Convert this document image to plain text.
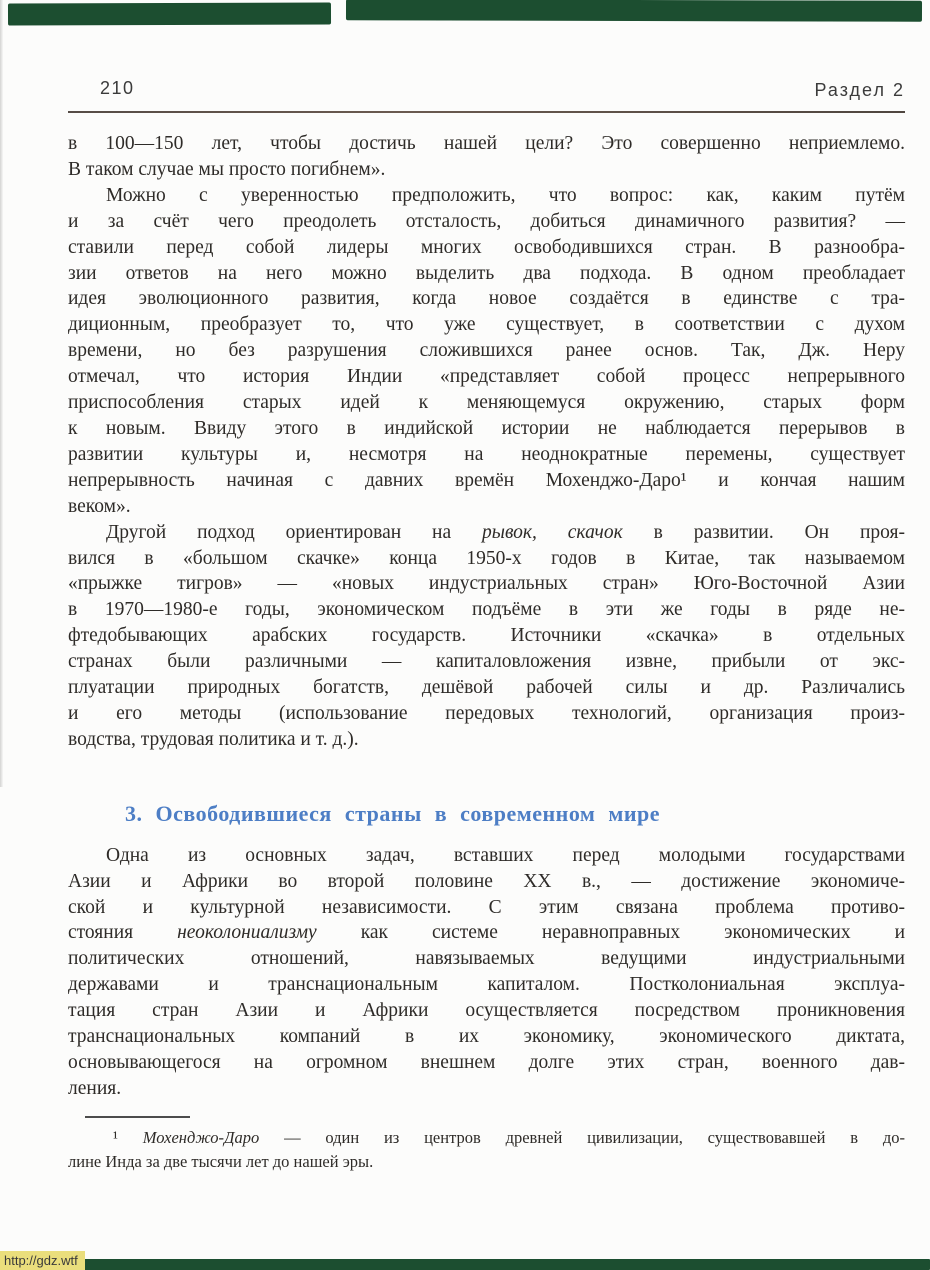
210	Раздел 2
в 100—150 лет, чтобы достичь нашей цели? Это совершенно неприемлемо.
В таком случае мы просто погибнем».
Можно с уверенностью предположить, что вопрос: как, каким путём
и за счёт чего преодолеть отсталость, добиться динамичного развития? —
ставили перед собой лидеры многих освободившихся стран. В разнообра-
зии ответов на него можно выделить два подхода. В одном преобладает
идея эволюционного развития, когда новое создаётся в единстве с тра-
диционным, преобразует то, что уже существует, в соответствии с духом
времени, но без разрушения сложившихся ранее основ. Так, Дж. Неру
отмечал, что история Индии «представляет собой процесс непрерывного
приспособления старых идей к меняющемуся окружению, старых форм
к новым. Ввиду этого в индийской истории не наблюдается перерывов в
развитии культуры и, несмотря на неоднократные перемены, существует
непрерывность начиная с давних времён Мохенджо-Даро¹ и кончая нашим
веком».
Другой подход ориентирован на рывок, скачок в развитии. Он проя-
вился в «большом скачке» конца 1950-х годов в Китае, так называемом
«прыжке тигров» — «новых индустриальных стран» Юго-Восточной Азии
в 1970—1980-е годы, экономическом подъёме в эти же годы в ряде не-
фтедобывающих арабских государств. Источники «скачка» в отдельных
странах были различными — капиталовложения извне, прибыли от экс-
плуатации природных богатств, дешёвой рабочей силы и др. Различались
и его методы (использование передовых технологий, организация произ-
водства, трудовая политика и т. д.).
3. Освободившиеся страны в современном мире
Одна из основных задач, вставших перед молодыми государствами
Азии и Африки во второй половине XX в., — достижение экономиче-
ской и культурной независимости. С этим связана проблема противо-
стояния неоколониализму как системе неравноправных экономических и
политических отношений, навязываемых ведущими индустриальными
державами и транснациональным капиталом. Постколониальная эксплуа-
тация стран Азии и Африки осуществляется посредством проникновения
транснациональных компаний в их экономику, экономического диктата,
основывающегося на огромном внешнем долге этих стран, военного дав-
ления.
¹ Мохенджо-Даро — один из центров древней цивилизации, существовавшей в до-
лине Инда за две тысячи лет до нашей эры.
http://gdz.wtf
